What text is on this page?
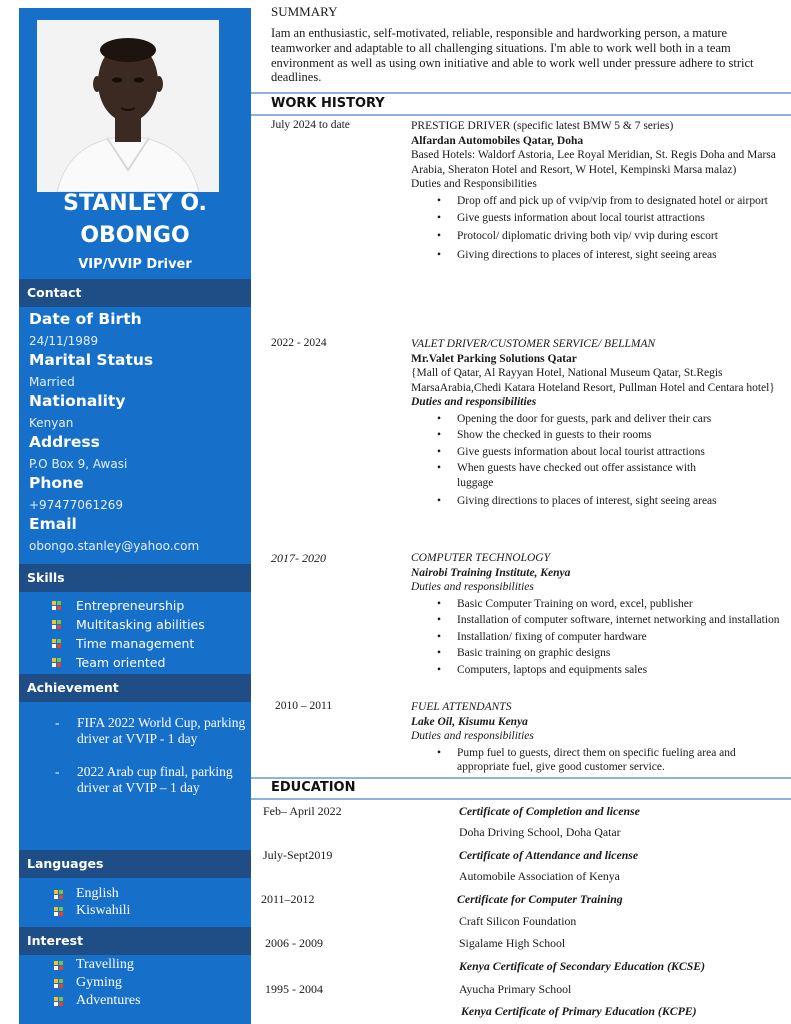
STANLEY O.
OBONGO
VIP/VVIP Driver
Contact
Date of Birth
24/11/1989
Marital Status
Married
Nationality
Kenyan
Address
P.O Box 9, Awasi
Phone
+97477061269
Email
obongo.stanley@yahoo.com
Skills
Entrepreneurship
Multitasking abilities
Time management
Team oriented
Achievement
- FIFA 2022 World Cup, parking driver at VVIP - 1 day
- 2022 Arab cup final, parking driver at VVIP – 1 day
Languages
English
Kiswahili
Interest
Travelling
Gyming
Adventures
SUMMARY
Iam an enthusiastic, self-motivated, reliable, responsible and hardworking person, a mature teamworker and adaptable to all challenging situations. I'm able to work well both in a team environment as well as using own initiative and able to work well under pressure adhere to strict deadlines.
WORK HISTORY
July 2024 to date	PRESTIGE DRIVER (specific latest BMW 5 & 7 series)
Alfardan Automobiles Qatar, Doha
Based Hotels: Waldorf Astoria, Lee Royal Meridian, St. Regis Doha and Marsa Arabia, Sheraton Hotel and Resort, W Hotel, Kempinski Marsa malaz)
Duties and Responsibilities
• Drop off and pick up of vvip/vip from to designated hotel or airport
• Give guests information about local tourist attractions
• Protocol/ diplomatic driving both vip/ vvip during escort
• Giving directions to places of interest, sight seeing areas
2022 - 2024	VALET DRIVER/CUSTOMER SERVICE/ BELLMAN
Mr.Valet Parking Solutions Qatar
{Mall of Qatar, Al Rayyan Hotel, National Museum Qatar, St.Regis MarsaArabia,Chedi Katara Hoteland Resort, Pullman Hotel and Centara hotel}
Duties and responsibilities
• Opening the door for guests, park and deliver their cars
• Show the checked in guests to their rooms
• Give guests information about local tourist attractions
• When guests have checked out offer assistance with luggage
• Giving directions to places of interest, sight seeing areas
2017- 2020	COMPUTER TECHNOLOGY
Nairobi Training Institute, Kenya
Duties and responsibilities
• Basic Computer Training on word, excel, publisher
• Installation of computer software, internet networking and installation
• Installation/ fixing of computer hardware
• Basic training on graphic designs
• Computers, laptops and equipments sales
2010 – 2011	FUEL ATTENDANTS
Lake Oil, Kisumu Kenya
Duties and responsibilities
• Pump fuel to guests, direct them on specific fueling area and appropriate fuel, give good customer service.
EDUCATION
Feb– April 2022	Certificate of Completion and license
Doha Driving School, Doha Qatar
July-Sept2019	Certificate of Attendance and license
Automobile Association of Kenya
2011–2012	Certificate for Computer Training
Craft Silicon Foundation
2006 - 2009	Sigalame High School
Kenya Certificate of Secondary Education (KCSE)
1995 - 2004	Ayucha Primary School
Kenya Certificate of Primary Education (KCPE)
